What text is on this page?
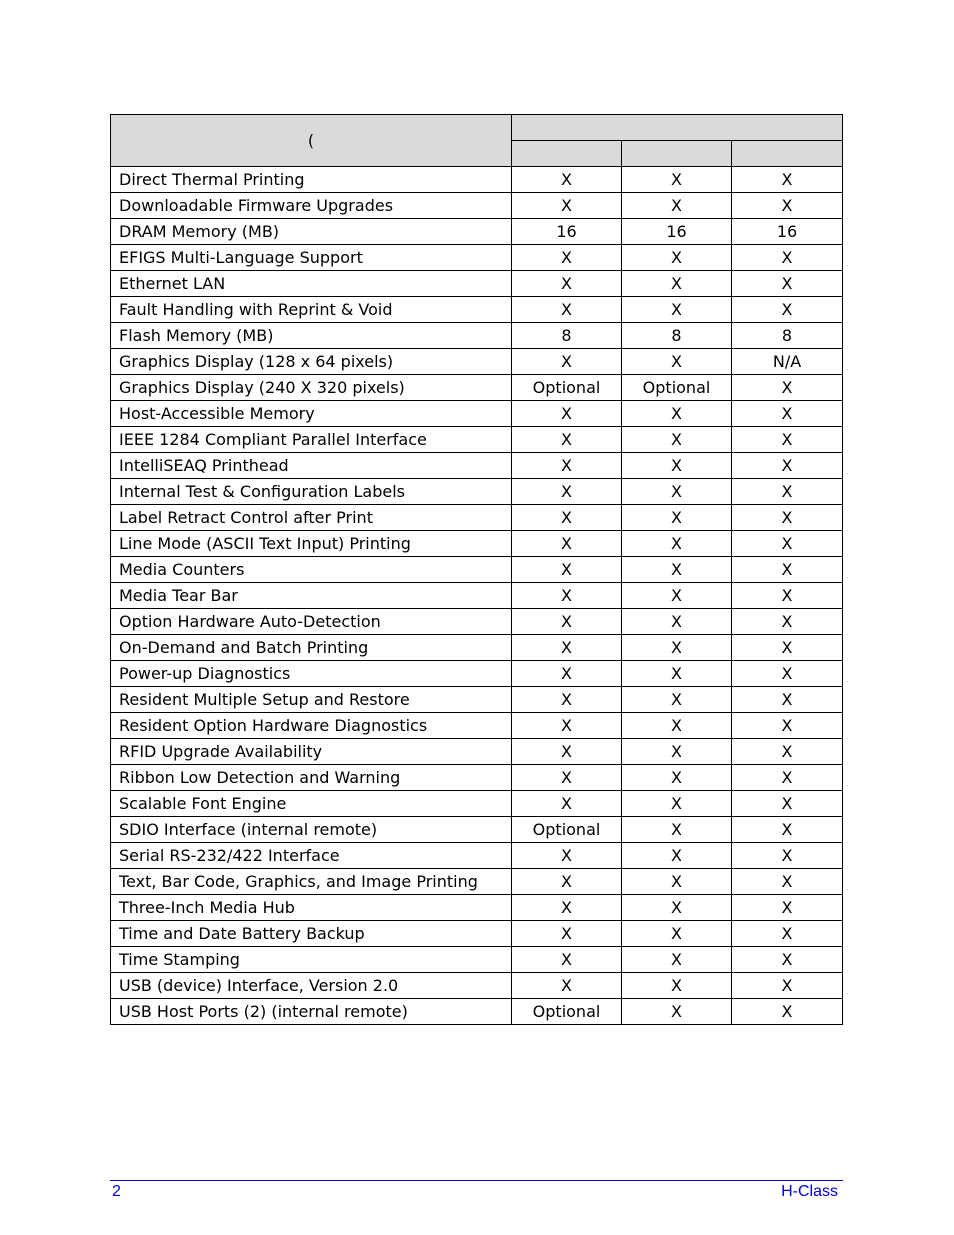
(			

Direct Thermal Printing	X	X	X
Downloadable Firmware Upgrades	X	X	X
DRAM Memory (MB)	16	16	16
EFIGS Multi-Language Support	X	X	X
Ethernet LAN	X	X	X
Fault Handling with Reprint & Void	X	X	X
Flash Memory (MB)	8	8	8
Graphics Display (128 x 64 pixels)	X	X	N/A
Graphics Display (240 X 320 pixels)	Optional	Optional	X
Host-Accessible Memory	X	X	X
IEEE 1284 Compliant Parallel Interface	X	X	X
IntelliSEAQ Printhead	X	X	X
Internal Test & Configuration Labels	X	X	X
Label Retract Control after Print	X	X	X
Line Mode (ASCII Text Input) Printing	X	X	X
Media Counters	X	X	X
Media Tear Bar	X	X	X
Option Hardware Auto-Detection	X	X	X
On-Demand and Batch Printing	X	X	X
Power-up Diagnostics	X	X	X
Resident Multiple Setup and Restore	X	X	X
Resident Option Hardware Diagnostics	X	X	X
RFID Upgrade Availability	X	X	X
Ribbon Low Detection and Warning	X	X	X
Scalable Font Engine	X	X	X
SDIO Interface (internal remote)	Optional	X	X
Serial RS-232/422 Interface	X	X	X
Text, Bar Code, Graphics, and Image Printing	X	X	X
Three-Inch Media Hub	X	X	X
Time and Date Battery Backup	X	X	X
Time Stamping	X	X	X
USB (device) Interface, Version 2.0	X	X	X
USB Host Ports (2) (internal remote)	Optional	X	X
2	H-Class
